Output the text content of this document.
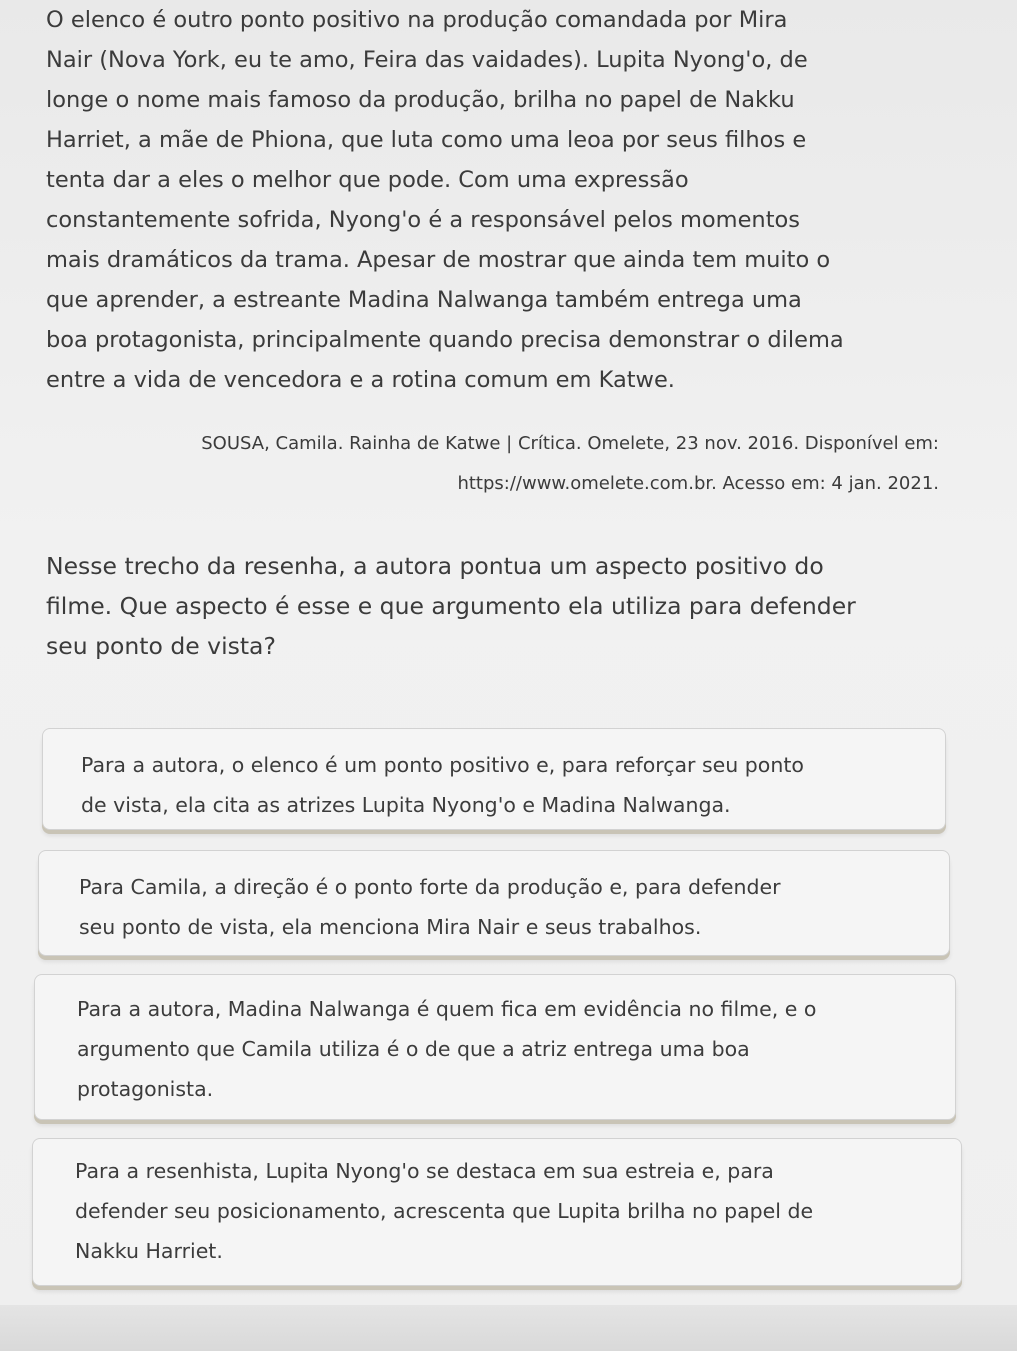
O elenco é outro ponto positivo na produção comandada por Mira
Nair (Nova York, eu te amo, Feira das vaidades). Lupita Nyong'o, de
longe o nome mais famoso da produção, brilha no papel de Nakku
Harriet, a mãe de Phiona, que luta como uma leoa por seus filhos e
tenta dar a eles o melhor que pode. Com uma expressão
constantemente sofrida, Nyong'o é a responsável pelos momentos
mais dramáticos da trama. Apesar de mostrar que ainda tem muito o
que aprender, a estreante Madina Nalwanga também entrega uma
boa protagonista, principalmente quando precisa demonstrar o dilema
entre a vida de vencedora e a rotina comum em Katwe.
SOUSA, Camila. Rainha de Katwe | Crítica. Omelete, 23 nov. 2016. Disponível em:
https://www.omelete.com.br. Acesso em: 4 jan. 2021.
Nesse trecho da resenha, a autora pontua um aspecto positivo do
filme. Que aspecto é esse e que argumento ela utiliza para defender
seu ponto de vista?
Para a autora, o elenco é um ponto positivo e, para reforçar seu ponto
de vista, ela cita as atrizes Lupita Nyong'o e Madina Nalwanga.
Para Camila, a direção é o ponto forte da produção e, para defender
seu ponto de vista, ela menciona Mira Nair e seus trabalhos.
Para a autora, Madina Nalwanga é quem fica em evidência no filme, e o
argumento que Camila utiliza é o de que a atriz entrega uma boa
protagonista.
Para a resenhista, Lupita Nyong'o se destaca em sua estreia e, para
defender seu posicionamento, acrescenta que Lupita brilha no papel de
Nakku Harriet.
